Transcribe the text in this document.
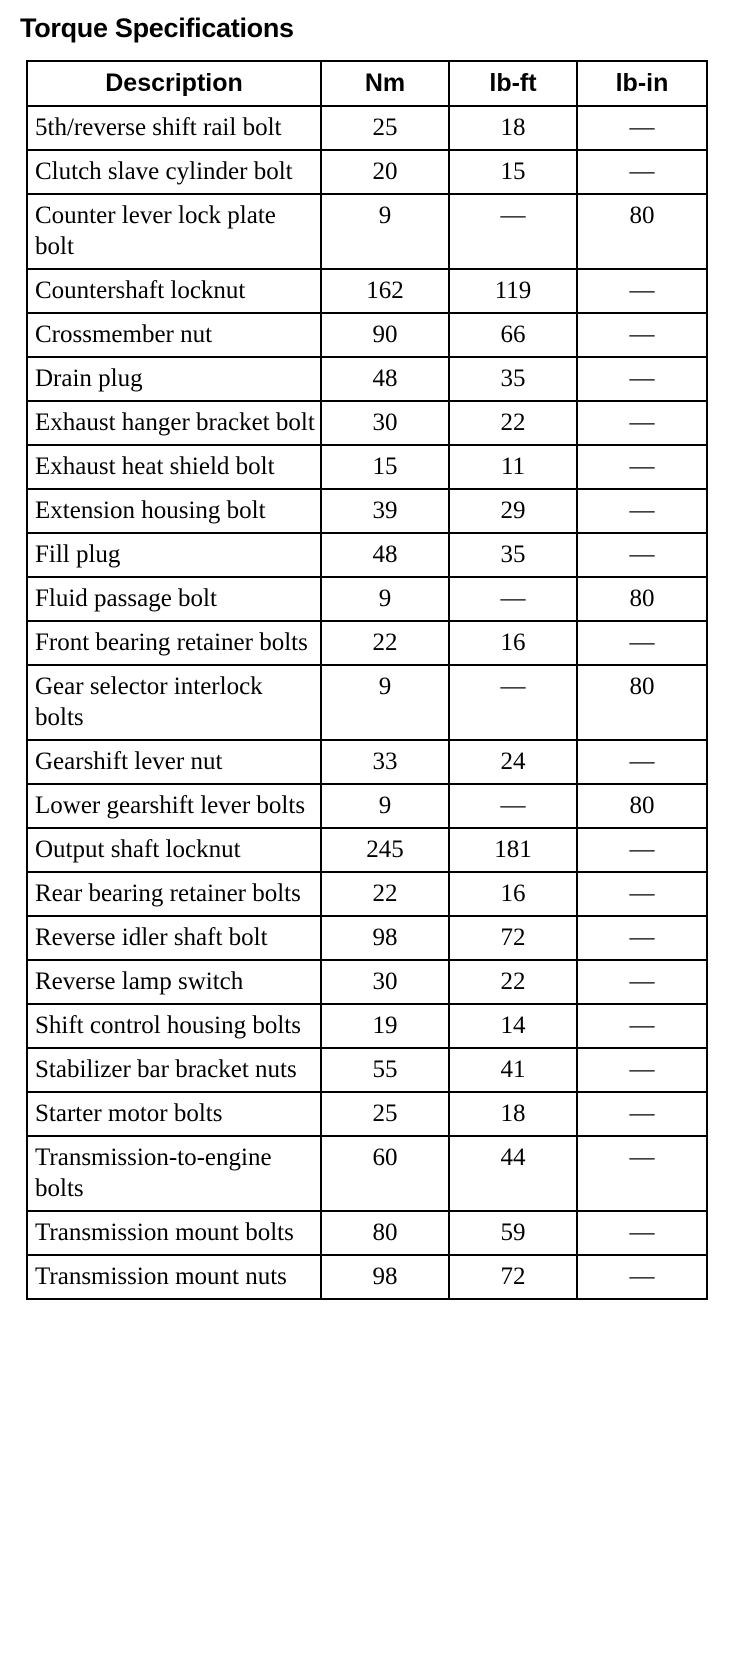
Torque Specifications
Description	Nm	lb-ft	lb-in
5th/reverse shift rail bolt	25	18	—
Clutch slave cylinder bolt	20	15	—
Counter lever lock plate bolt	9	—	80
Countershaft locknut	162	119	—
Crossmember nut	90	66	—
Drain plug	48	35	—
Exhaust hanger bracket bolt	30	22	—
Exhaust heat shield bolt	15	11	—
Extension housing bolt	39	29	—
Fill plug	48	35	—
Fluid passage bolt	9	—	80
Front bearing retainer bolts	22	16	—
Gear selector interlock bolts	9	—	80
Gearshift lever nut	33	24	—
Lower gearshift lever bolts	9	—	80
Output shaft locknut	245	181	—
Rear bearing retainer bolts	22	16	—
Reverse idler shaft bolt	98	72	—
Reverse lamp switch	30	22	—
Shift control housing bolts	19	14	—
Stabilizer bar bracket nuts	55	41	—
Starter motor bolts	25	18	—
Transmission-to-engine bolts	60	44	—
Transmission mount bolts	80	59	—
Transmission mount nuts	98	72	—
